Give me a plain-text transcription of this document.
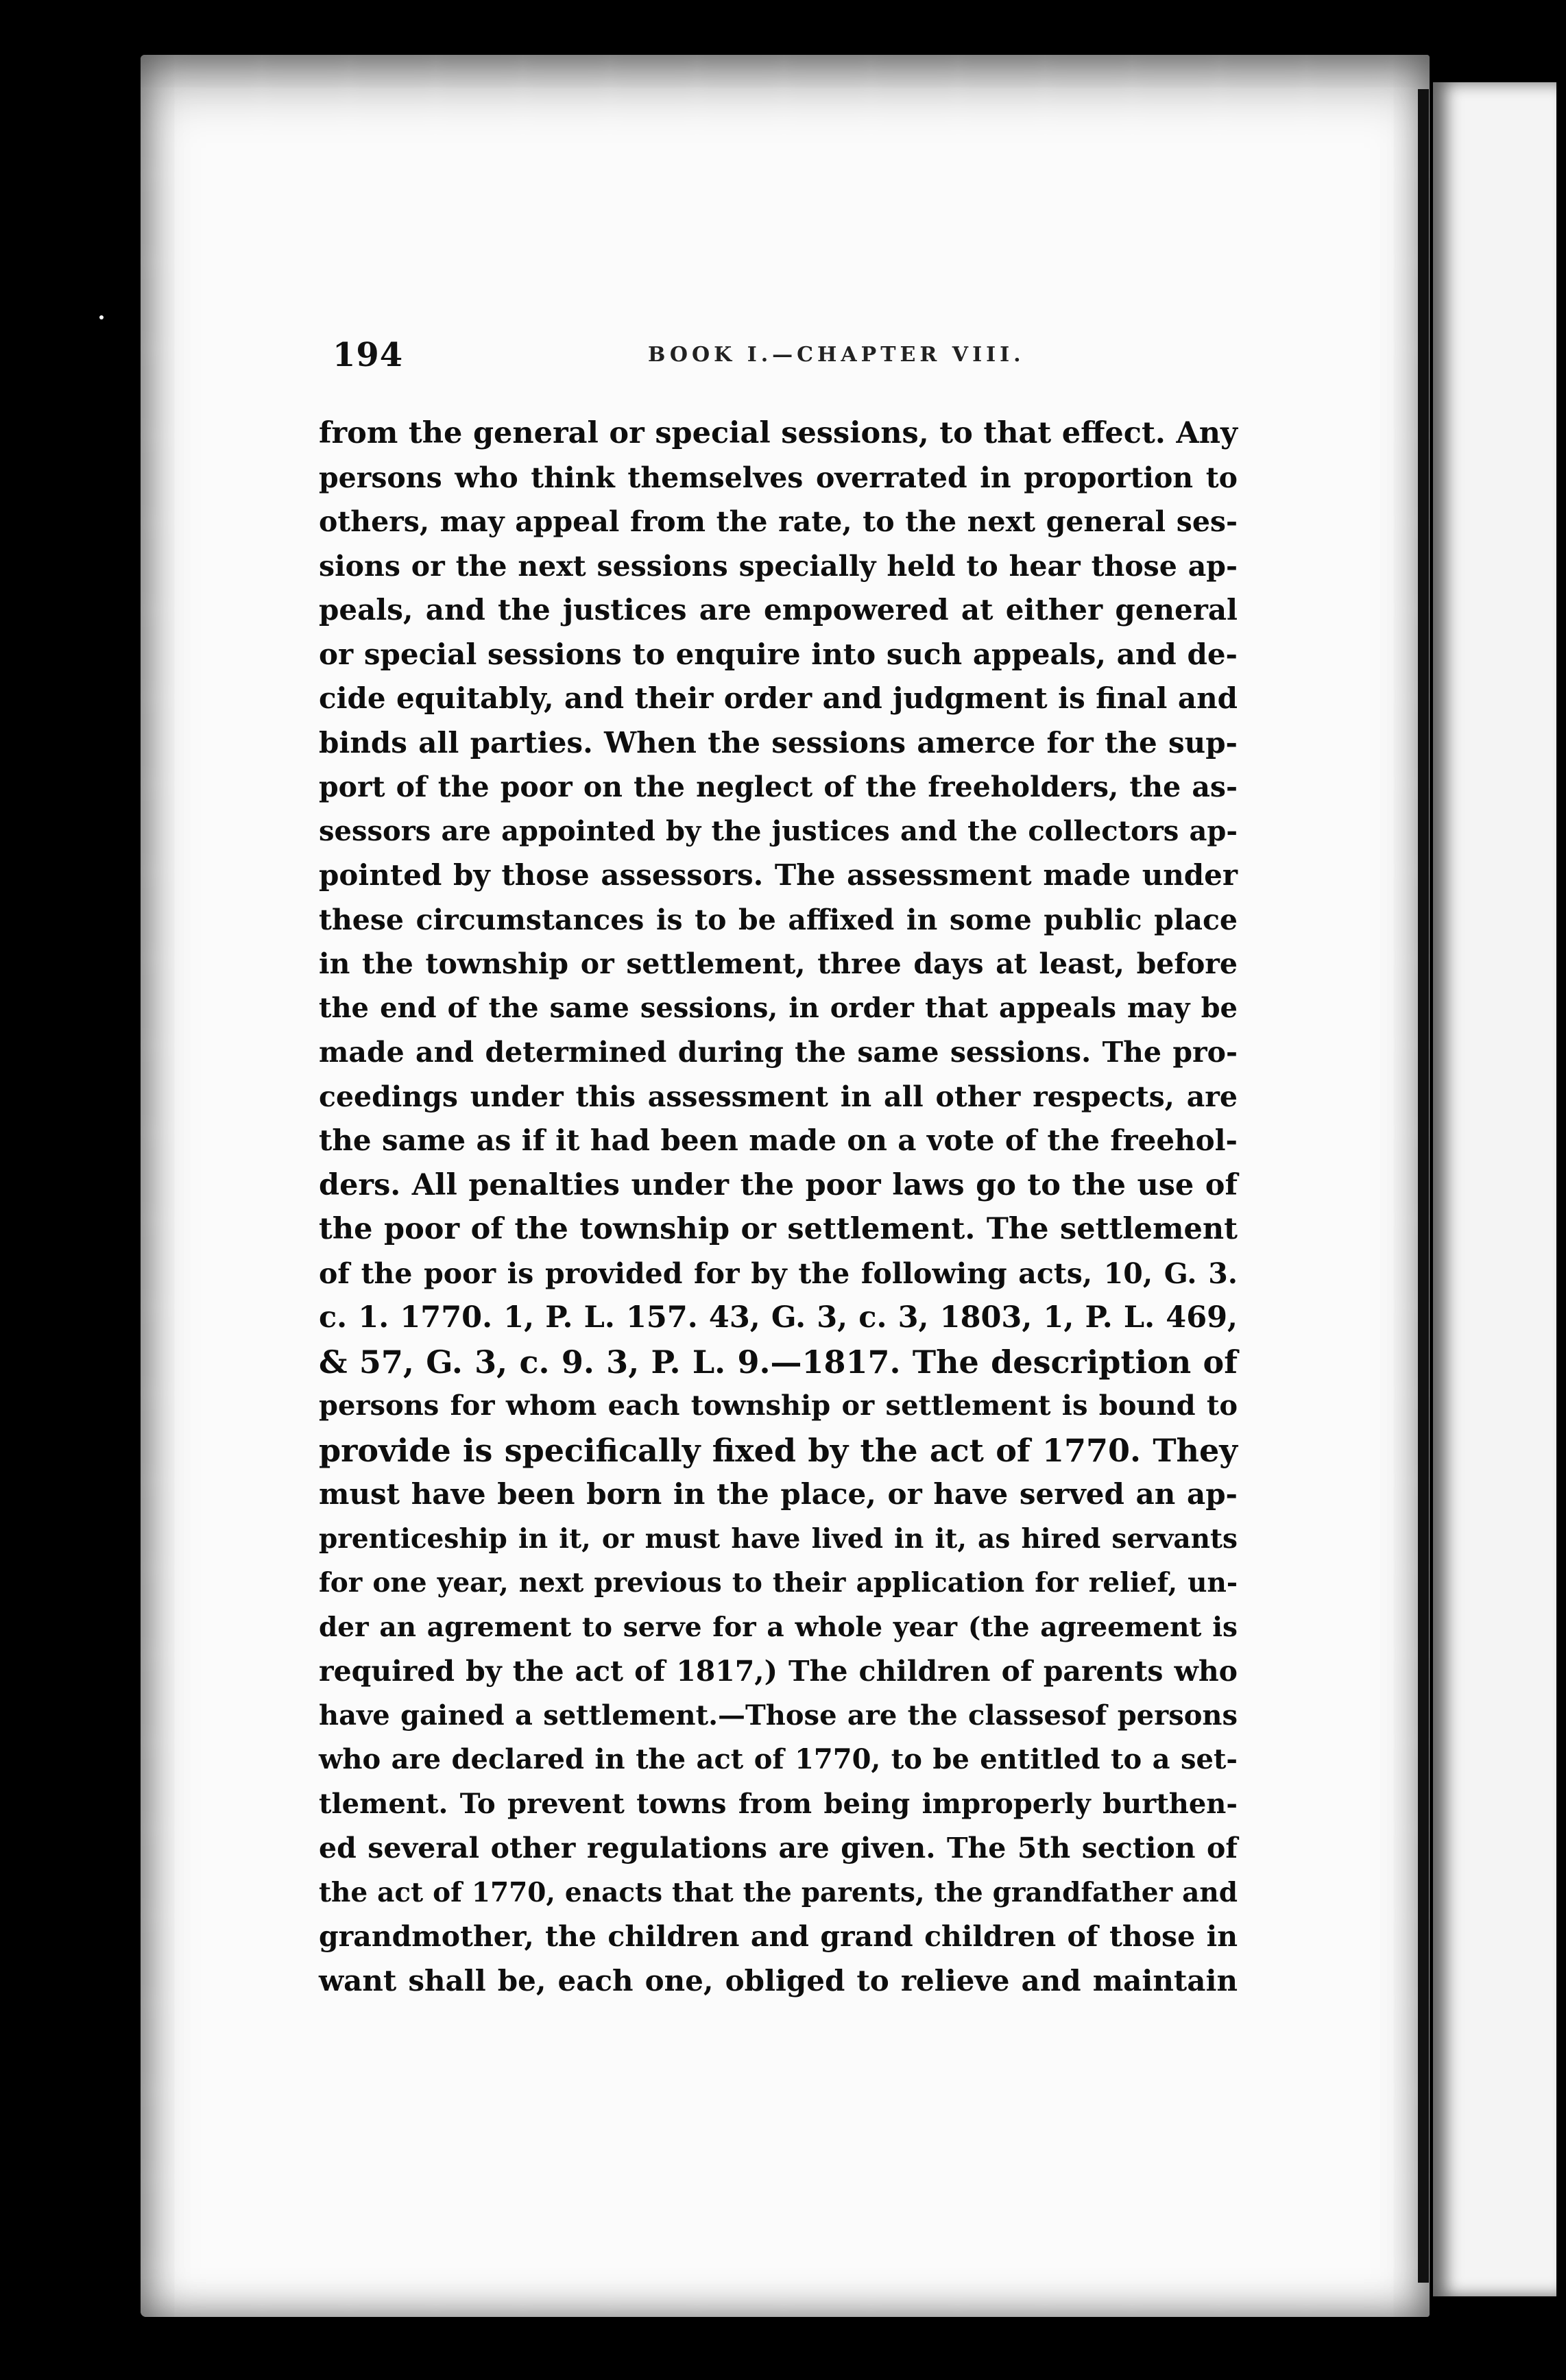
194	BOOK I.—CHAPTER VIII.
from the general or special sessions, to that effect. Any
persons who think themselves overrated in proportion to
others, may appeal from the rate, to the next general ses-
sions or the next sessions specially held to hear those ap-
peals, and the justices are empowered at either general
or special sessions to enquire into such appeals, and de-
cide equitably, and their order and judgment is final and
binds all parties. When the sessions amerce for the sup-
port of the poor on the neglect of the freeholders, the as-
sessors are appointed by the justices and the collectors ap-
pointed by those assessors. The assessment made under
these circumstances is to be affixed in some public place
in the township or settlement, three days at least, before
the end of the same sessions, in order that appeals may be
made and determined during the same sessions. The pro-
ceedings under this assessment in all other respects, are
the same as if it had been made on a vote of the freehol-
ders. All penalties under the poor laws go to the use of
the poor of the township or settlement. The settlement
of the poor is provided for by the following acts, 10, G. 3.
c. 1. 1770. 1, P. L. 157. 43, G. 3, c. 3, 1803, 1, P. L. 469,
& 57, G. 3, c. 9. 3, P. L. 9.—1817. The description of
persons for whom each township or settlement is bound to
provide is specifically fixed by the act of 1770. They
must have been born in the place, or have served an ap-
prenticeship in it, or must have lived in it, as hired servants
for one year, next previous to their application for relief, un-
der an agrement to serve for a whole year (the agreement is
required by the act of 1817,) The children of parents who
have gained a settlement.—Those are the classesof persons
who are declared in the act of 1770, to be entitled to a set-
tlement. To prevent towns from being improperly burthen-
ed several other regulations are given. The 5th section of
the act of 1770, enacts that the parents, the grandfather and
grandmother, the children and grand children of those in
want shall be, each one, obliged to relieve and maintain
